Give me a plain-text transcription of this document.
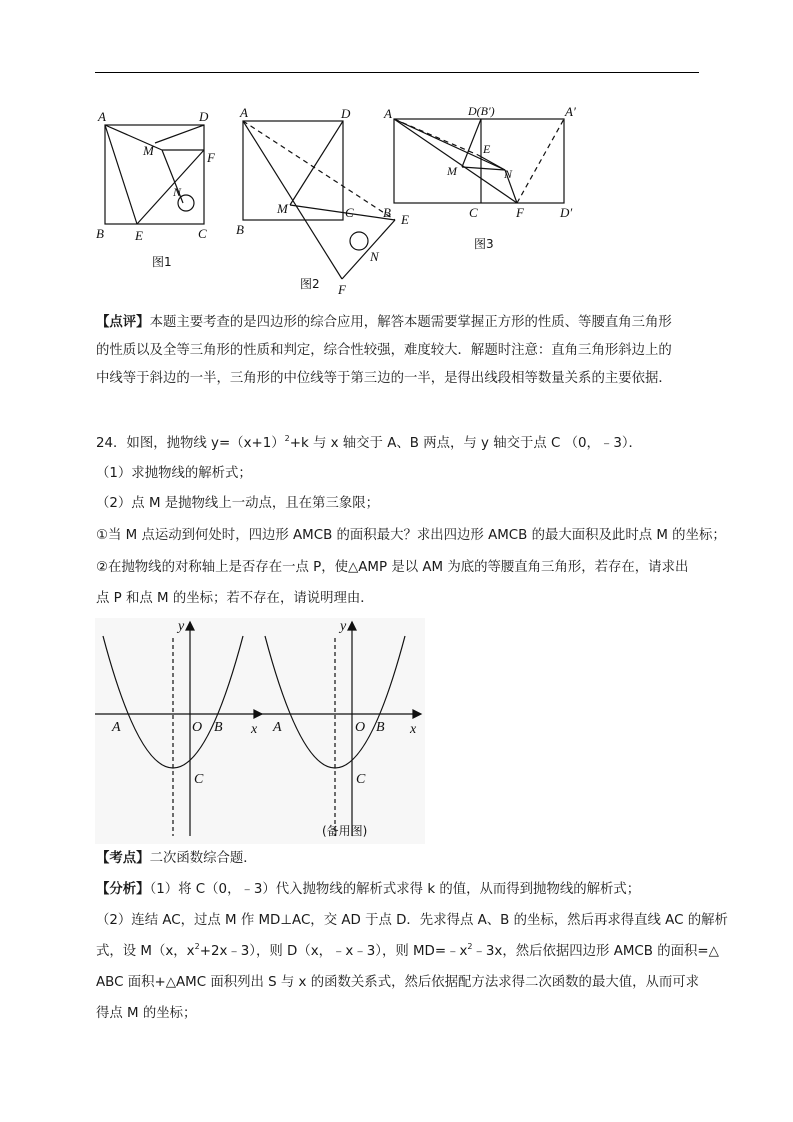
A	D
M	F
N
B E	C
图1
A	D
M	C B E
B
N
F
图2
A	D(B′)	A′
E
M	N
C	F	D′
图3
【点评】本题主要考查的是四边形的综合应用，解答本题需要掌握正方形的性质、等腰直角三角形
的性质以及全等三角形的性质和判定，综合性较强，难度较大．解题时注意：直角三角形斜边上的
中线等于斜边的一半，三角形的中位线等于第三边的一半，是得出线段相等数量关系的主要依据．
24．如图，抛物线 $y=(x+1)^2+k$ 与 x 轴交于 A、B 两点，与 y 轴交于点 C （0，﹣3）．
（1）求抛物线的解析式；
（2）点 M 是抛物线上一动点，且在第三象限；
①当 M 点运动到何处时，四边形 AMCB 的面积最大？求出四边形 AMCB 的最大面积及此时点 M 的坐标；
②在抛物线的对称轴上是否存在一点 P，使△AMP 是以 AM 为底的等腰直角三角形，若存在，请求出
点 P 和点 M 的坐标；若不存在，请说明理由．
y
x
A	O B
C
y
x
A	O B
C
(备用图)
【考点】二次函数综合题．
【分析】（1）将 C（0，﹣3）代入抛物线的解析式求得 k 的值，从而得到抛物线的解析式；
（2）连结 AC，过点 M 作 MD⊥AC，交 AD 于点 D．先求得点 A、B 的坐标，然后再求得直线 AC 的解析
式，设 M（x，$x^2+2x﹣3$），则 D（x，﹣x﹣3），则 $MD=﹣x^2﹣3x$，然后依据四边形 AMCB 的面积=△
ABC 面积+△AMC 面积列出 S 与 x 的函数关系式，然后依据配方法求得二次函数的最大值，从而可求
得点 M 的坐标；
